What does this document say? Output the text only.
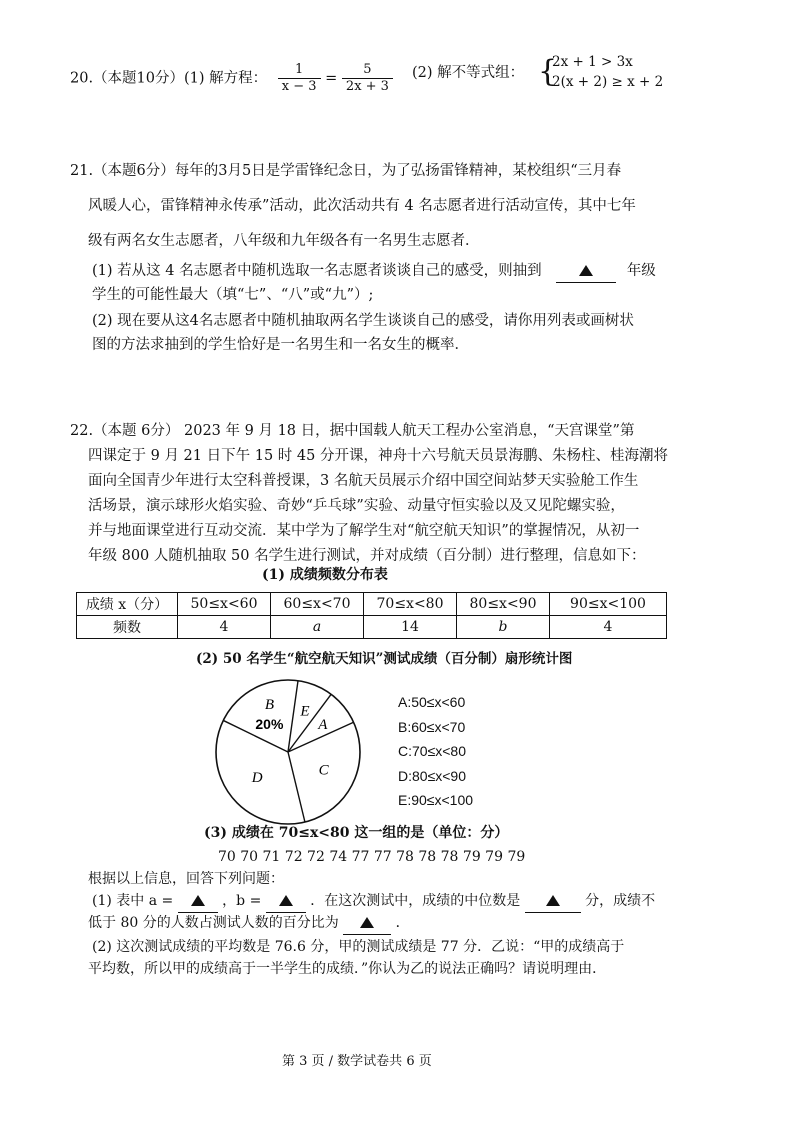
20.（本题10分）(1) 解方程： $\frac{1}{x - 3} = \frac{5}{2x + 3} (2)$ 解不等式组： {
2x + 1 > 3x
2(x + 2) ≥ x + 2
21.（本题6分）每年的3月5日是学雷锋纪念日，为了弘扬雷锋精神，某校组织“三月春
风暖人心，雷锋精神永传承”活动，此次活动共有 4 名志愿者进行活动宣传，其中七年
级有两名女生志愿者，八年级和九年级各有一名男生志愿者．
(1) 若从这 4 名志愿者中随机选取一名志愿者谈谈自己的感受，则抽到	年级
学生的可能性最大（填“七”、“八”或“九”）;
(2) 现在要从这4名志愿者中随机抽取两名学生谈谈自己的感受，请你用列表或画树状
图的方法求抽到的学生恰好是一名男生和一名女生的概率．
22.（本题 6分） 2023 年 9 月 18 日，据中国载人航天工程办公室消息，“天宫课堂”第
四课定于 9 月 21 日下午 15 时 45 分开课，神舟十六号航天员景海鹏、朱杨柱、桂海潮将
面向全国青少年进行太空科普授课，3 名航天员展示介绍中国空间站梦天实验舱工作生
活场景，演示球形火焰实验、奇妙“乒乓球”实验、动量守恒实验以及又见陀螺实验，
并与地面课堂进行互动交流．某中学为了解学生对“航空航天知识”的掌握情况，从初一
年级 800 人随机抽取 50 名学生进行测试，并对成绩（百分制）进行整理，信息如下：
(1) 成绩频数分布表
成绩 x（分）	50≤x<60	60≤x<70	70≤x<80	80≤x<90	90≤x<100
频数	4	a	14	b	4
(2) 50 名学生“航空航天知识”测试成绩（百分制）扇形统计图
E
A
C
D
B
20%
A:50≤x<60
B:60≤x<70
C:70≤x<80
D:80≤x<90
E:90≤x<100
(3) 成绩在 70≤x<80 这一组的是（单位：分）
70 70 71 72 72 74 77 77 78 78 78 79 79 79
根据以上信息，回答下列问题：
(1) 表中 a =	，b =	．在这次测试中，成绩的中位数是	分，成绩不
低于 80 分的人数占测试人数的百分比为	．
(2) 这次测试成绩的平均数是 76.6 分，甲的测试成绩是 77 分．乙说：“甲的成绩高于
平均数，所以甲的成绩高于一半学生的成绩．”你认为乙的说法正确吗？请说明理由．
第 3 页 / 数学试卷共 6 页
